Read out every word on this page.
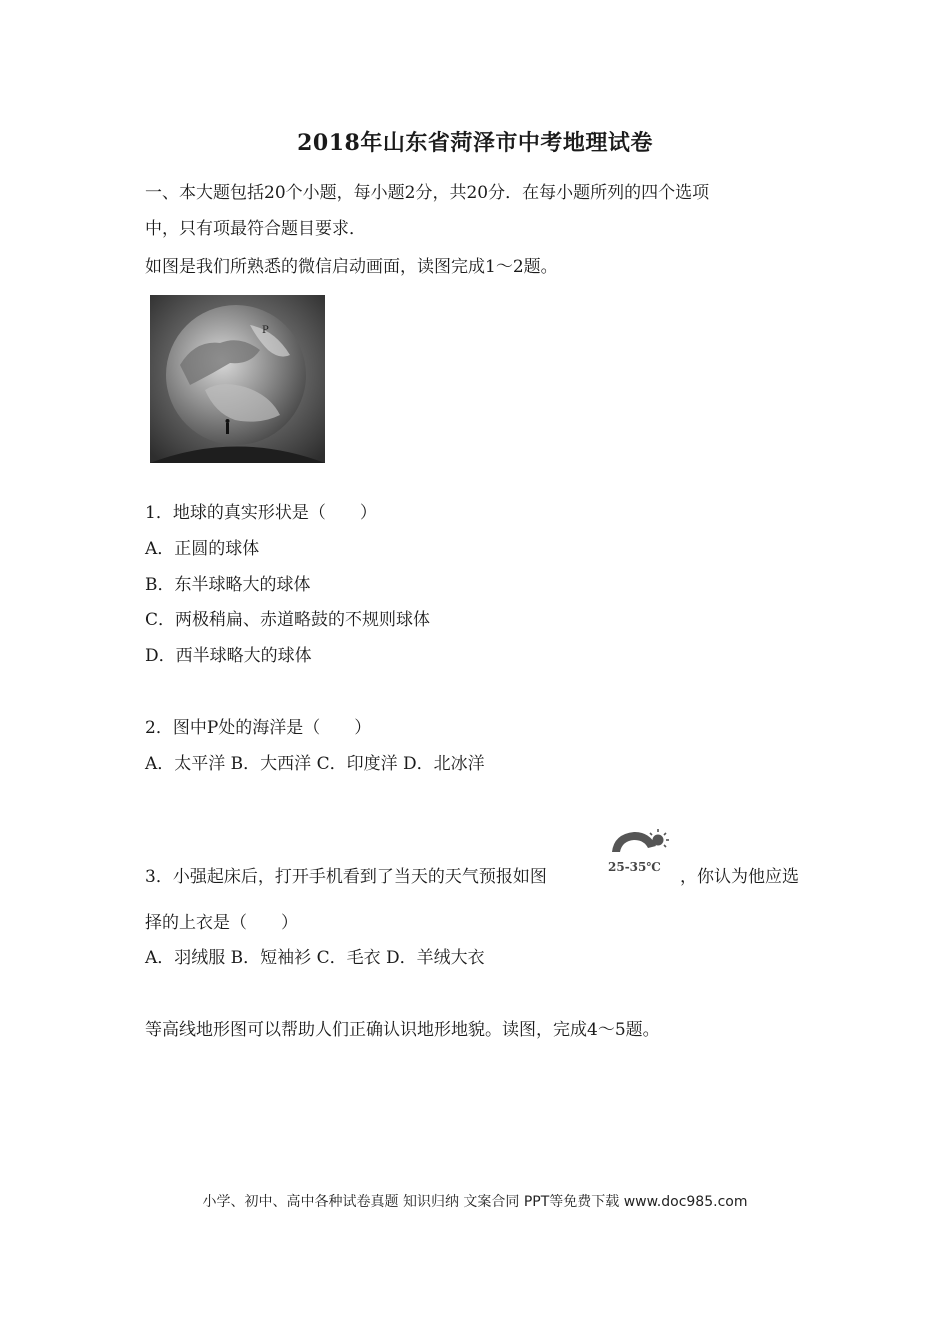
2018年山东省菏泽市中考地理试卷
一、本大题包括20个小题，每小题2分，共20分．在每小题所列的四个选项
中，只有项最符合题目要求．
如图是我们所熟悉的微信启动画面，读图完成1～2题。
P
1．地球的真实形状是（　　）
A．正圆的球体
B．东半球略大的球体
C．两极稍扁、赤道略鼓的不规则球体
D．西半球略大的球体
2．图中P处的海洋是（　　）
A．太平洋 B．大西洋 C．印度洋 D．北冰洋
3．小强起床后，打开手机看到了当天的天气预报如图	25-35℃ ，你认为他应选
择的上衣是（　　）
A．羽绒服 B．短袖衫 C．毛衣 D．羊绒大衣
等高线地形图可以帮助人们正确认识地形地貌。读图，完成4～5题。
小学、初中、高中各种试卷真题 知识归纳 文案合同 PPT等免费下载 www.doc985.com
